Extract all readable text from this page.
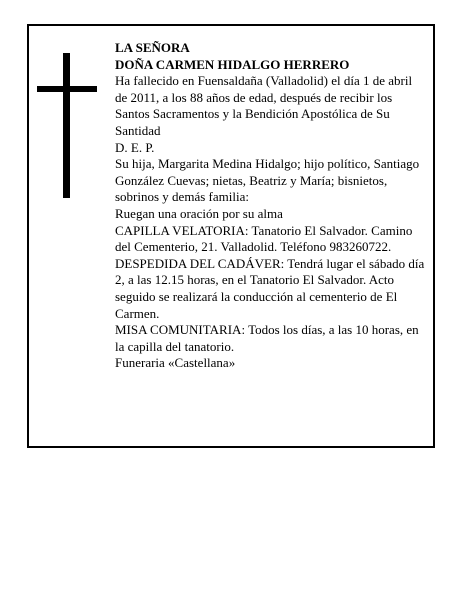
LA SEÑORA

DOÑA CARMEN HIDALGO HERRERO

Ha fallecido en Fuensaldaña (Valladolid) el día 1 de abril de 2011, a los 88 años de edad, después de recibir los Santos Sacramentos y la Bendición Apostólica de Su Santidad

D. E. P.

Su hija, Margarita Medina Hidalgo; hijo político, Santiago González Cuevas; nietas, Beatriz y María; bisnietos, sobrinos y demás familia:

Ruegan una oración por su alma

CAPILLA VELATORIA: Tanatorio El Salvador. Camino del Cementerio, 21. Valladolid. Teléfono 983260722.

DESPEDIDA DEL CADÁVER: Tendrá lugar el sábado día 2, a las 12.15 horas, en el Tanatorio El Salvador. Acto seguido se realizará la conducción al cementerio de El Carmen.

MISA COMUNITARIA: Todos los días, a las 10 horas, en la capilla del tanatorio.

Funeraria «Castellana»
